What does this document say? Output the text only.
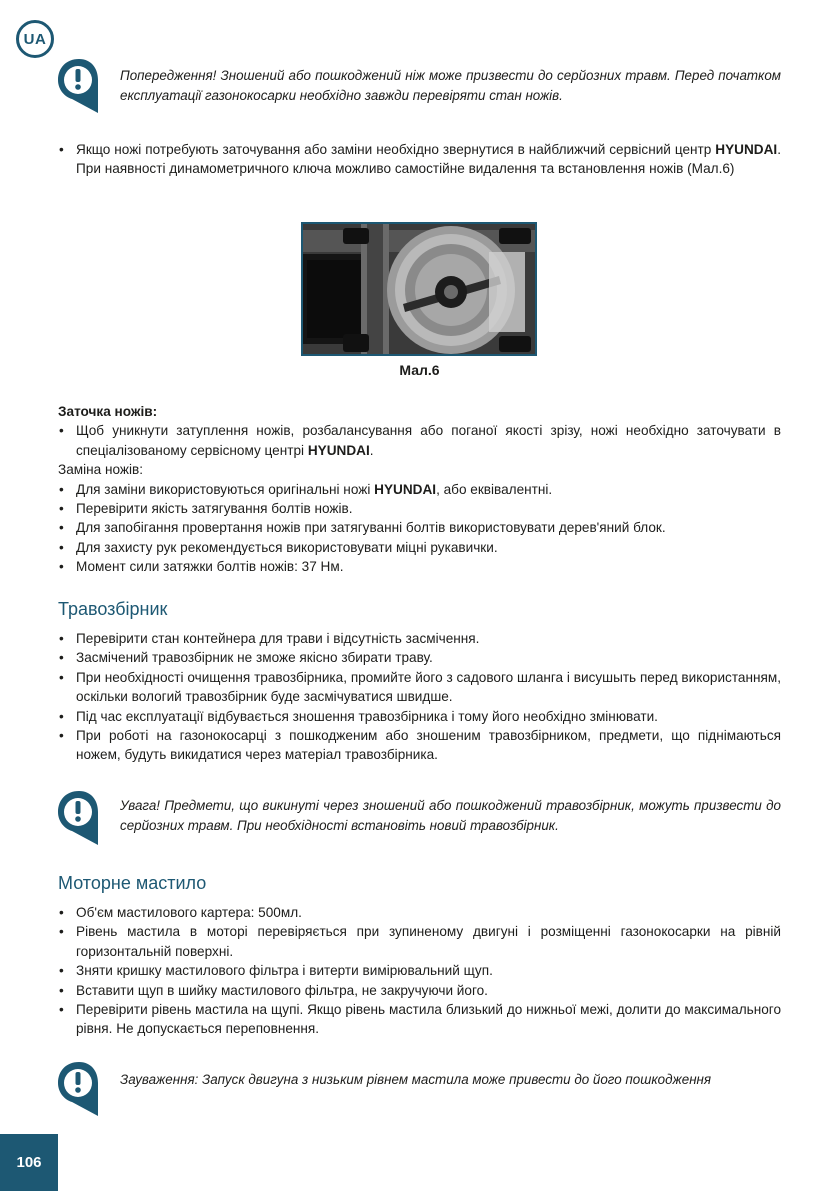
UA
Попередження! Зношений або пошкоджений ніж може призвести до серйозних травм. Перед початком експлуатації газонокосарки необхідно завжди перевіряти стан ножів.
• Якщо ножі потребують заточування або заміни необхідно звернутися в найближчий сервісний центр HYUNDAI. При наявності динамометричного ключа можливо самостійне видалення та встановлення ножів (Мал.6)
Мал.6

Заточка ножів:

• Щоб уникнути затуплення ножів, розбалансування або поганої якості зрізу, ножі необхідно заточувати в спеціалізованому сервісному центрі HYUNDAI.

Заміна ножів:

• Для заміни використовуються оригінальні ножі HYUNDAI, або еквівалентні.
• Перевірити якість затягування болтів ножів.
• Для запобігання провертання ножів при затягуванні болтів використовувати дерев'яний блок.
• Для захисту рук рекомендується використовувати міцні рукавички.
• Момент сили затяжки болтів ножів: 37 Нм.
Травозбірник
• Перевірити стан контейнера для трави і відсутність засмічення.
• Засмічений травозбірник не зможе якісно збирати траву.
• При необхідності очищення травозбірника, промийте його з садового шланга і висушыть перед використанням, оскільки вологий травозбірник буде засмічуватися швидше.
• Під час експлуатації відбувається зношення травозбірника і тому його необхідно змінювати.
• При роботі на газонокосарці з пошкодженим або зношеним травозбірником, предмети, що піднімаються ножем, будуть викидатися через матеріал травозбірника.
Увага! Предмети, що викинуті через зношений або пошкоджений травозбірник, можуть призвести до серйозних травм. При необхідності встановіть новий травозбірник.
Моторне мастило
• Об'єм мастилового картера: 500мл.
• Рівень мастила в моторі перевіряється при зупиненому двигуні і розміщенні газонокосарки на рівній горизонтальній поверхні.
• Зняти кришку мастилового фільтра і витерти вимірювальний щуп.
• Вставити щуп в шийку мастилового фільтра, не закручуючи його.
• Перевірити рівень мастила на щупі. Якщо рівень мастила близький до нижньої межі, долити до максимального рівня. Не допускається переповнення.
Зауваження: Запуск двигуна з низьким рівнем мастила може привести до його пошкодження
106
